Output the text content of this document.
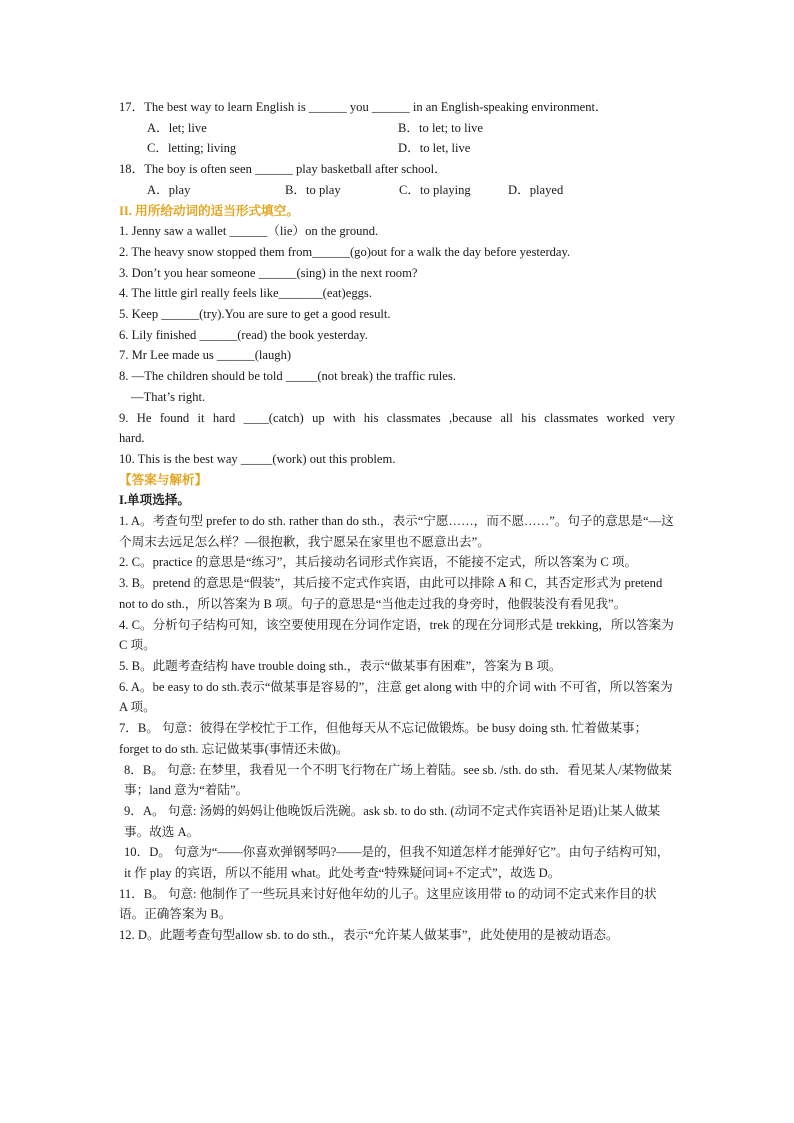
17．The best way to learn English is ______ you ______ in an English-speaking environment．
A．let; live	B．to let; to live
C．letting; living	D．to let, live
18．The boy is often seen ______ play basketball after school．
A．play	B．to play	C．to playing	D．played
II. 用所给动词的适当形式填空。
1. Jenny saw a wallet ______（lie）on the ground.
2. The heavy snow stopped them from______(go)out for a walk the day before yesterday.
3. Don’t you hear someone ______(sing) in the next room?
4. The little girl really feels like_______(eat)eggs.
5. Keep ______(try).You are sure to get a good result.
6. Lily finished ______(read) the book yesterday.
7. Mr Lee made us ______(laugh)
8. —The children should be told _____(not break) the traffic rules.
—That’s right.
9. He found it hard ____(catch) up with his classmates ,because all his classmates worked very
hard.
10. This is the best way _____(work) out this problem.
【答案与解析】
I.单项选择。
1. A。考查句型 prefer to do sth. rather than do sth.，表示“宁愿……，而不愿……”。句子的意思是“—这个周末去远足怎么样？—很抱歉，我宁愿呆在家里也不愿意出去”。
2. C。practice 的意思是“练习”，其后接动名词形式作宾语，不能接不定式，所以答案为 C 项。
3. B。pretend 的意思是“假装”，其后接不定式作宾语，由此可以排除 A 和 C，其否定形式为 pretend not to do sth.，所以答案为 B 项。句子的意思是“当他走过我的身旁时，他假装没有看见我”。
4. C。分析句子结构可知，该空要使用现在分词作定语，trek 的现在分词形式是 trekking，所以答案为 C 项。
5. B。此题考查结构 have trouble doing sth.，表示“做某事有困难”，答案为 B 项。
6. A。be easy to do sth.表示“做某事是容易的”，注意 get along with 中的介词 with 不可省，所以答案为 A 项。
7．B。 句意：彼得在学校忙于工作，但他每天从不忘记做锻炼。be busy doing sth. 忙着做某事；forget to do sth. 忘记做某事(事情还未做)。
8．B。 句意: 在梦里，我看见一个不明飞行物在广场上着陆。see sb. /sth. do sth．看见某人/某物做某事；land 意为“着陆”。
9．A。 句意: 汤姆的妈妈让他晚饭后洗碗。ask sb. to do sth. (动词不定式作宾语补足语)让某人做某事。故选 A。
10．D。 句意为“——你喜欢弹钢琴吗?——是的，但我不知道怎样才能弹好它”。由句子结构可知，it 作 play 的宾语，所以不能用 what。此处考查“特殊疑问词+不定式”，故选 D。
11．B。 句意: 他制作了一些玩具来讨好他年幼的儿子。这里应该用带 to 的动词不定式来作目的状语。正确答案为 B。
12. D。此题考查句型allow sb. to do sth.，表示“允许某人做某事”，此处使用的是被动语态。
